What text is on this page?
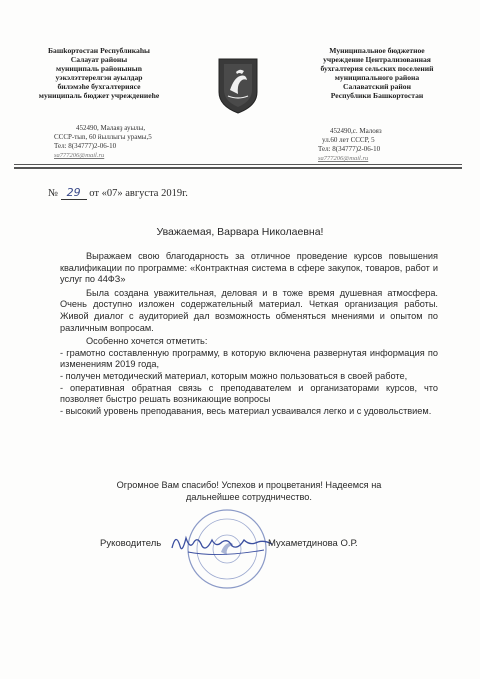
Башkортостан Республикаhы
Салауат районы
муниципаль районыныn
уэкэлэттерелгэн ауылдар
билэмэhе бухгалтериясе
муниципаль бюджет учреждениеhе
452490, Малаяҙ ауылы,
СССР-тыn, 60 йыллыгы урамы,5
Тел: 8(34777)2-06-10
sa777206@mail.ru
Муниципальное бюджетное
учреждение Централизованная
бухгалтерия сельских поселений
муниципального района
Салаватский район
Республики Башкортостан
452490,с. Малояз
ул.60 лет СССР, 5
Тел: 8(34777)2-06-10
sa777206@mail.ru
№ 29 от «07» августа 2019г.
Уважаемая, Варвара Николаевна!

Выражаем свою благодарность за отличное проведение курсов повышения квалификации по программе: «Контрактная система в сфере закупок, товаров, работ и услуг по 44ФЗ»

Была создана уважительная, деловая и в тоже время душевная атмосфера. Очень доступно изложен содержательный материал. Четкая организация работы. Живой диалог с аудиторией дал возможность обменяться мнениями и опытом по различным вопросам.

Особенно хочется отметить:

- грамотно составленную программу, в которую включена развернутая информация по изменениям 2019 года,

- получен методический материал, которым можно пользоваться в своей работе,

- оперативная обратная связь с преподавателем и организаторами курсов, что позволяет быстро решать возникающие вопросы

- высокий уровень преподавания, весь материал усваивался легко и с удовольствием.

Огромное Вам спасибо! Успехов и процветания! Надеемся на
дальнейшее сотрудничество.
Руководитель	Мухаметдинова О.Р.
